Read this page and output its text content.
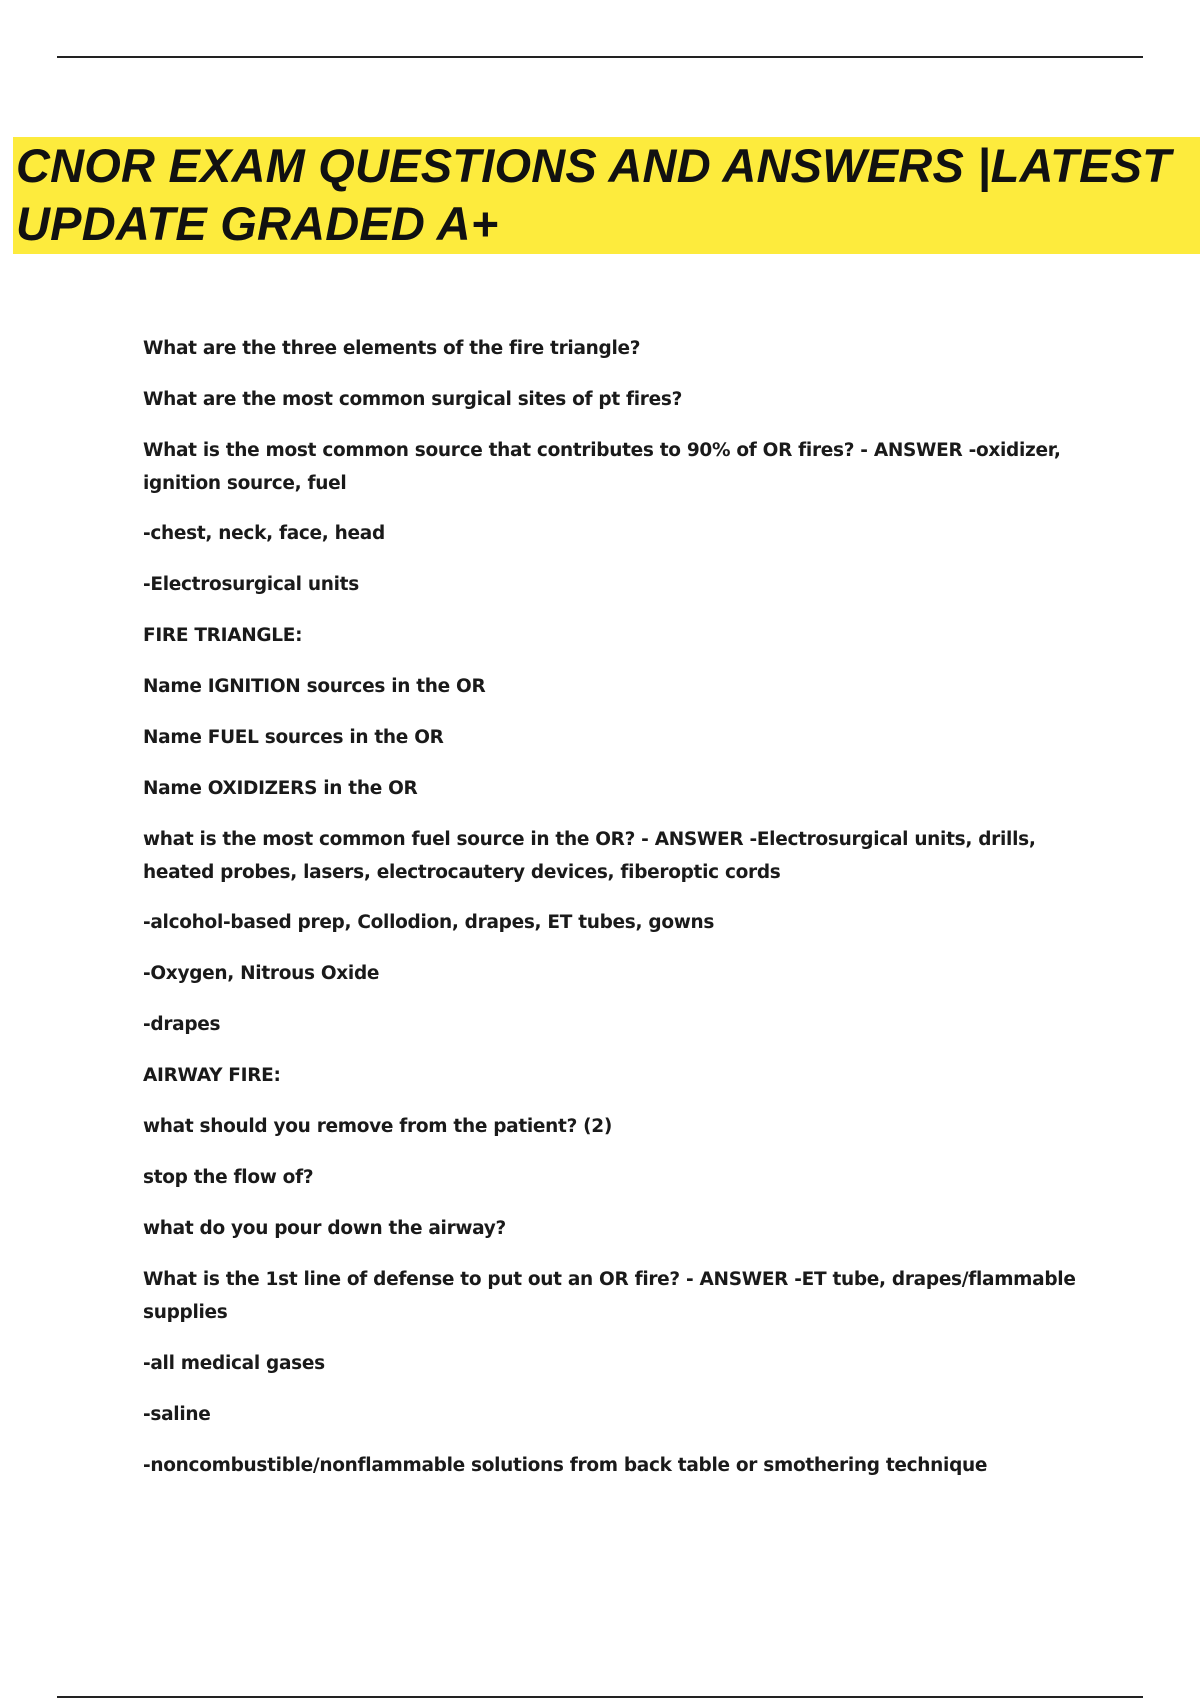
CNOR EXAM QUESTIONS AND ANSWERS |LATEST
UPDATE GRADED A+

What are the three elements of the fire triangle?

What are the most common surgical sites of pt fires?

What is the most common source that contributes to 90% of OR fires? - ANSWER -oxidizer, ignition source, fuel

-chest, neck, face, head

-Electrosurgical units

FIRE TRIANGLE:

Name IGNITION sources in the OR

Name FUEL sources in the OR

Name OXIDIZERS in the OR

what is the most common fuel source in the OR? - ANSWER -Electrosurgical units, drills, heated probes, lasers, electrocautery devices, fiberoptic cords

-alcohol-based prep, Collodion, drapes, ET tubes, gowns

-Oxygen, Nitrous Oxide

-drapes

AIRWAY FIRE:

what should you remove from the patient? (2)

stop the flow of?

what do you pour down the airway?

What is the 1st line of defense to put out an OR fire? - ANSWER -ET tube, drapes/flammable supplies

-all medical gases

-saline

-noncombustible/nonflammable solutions from back table or smothering technique
